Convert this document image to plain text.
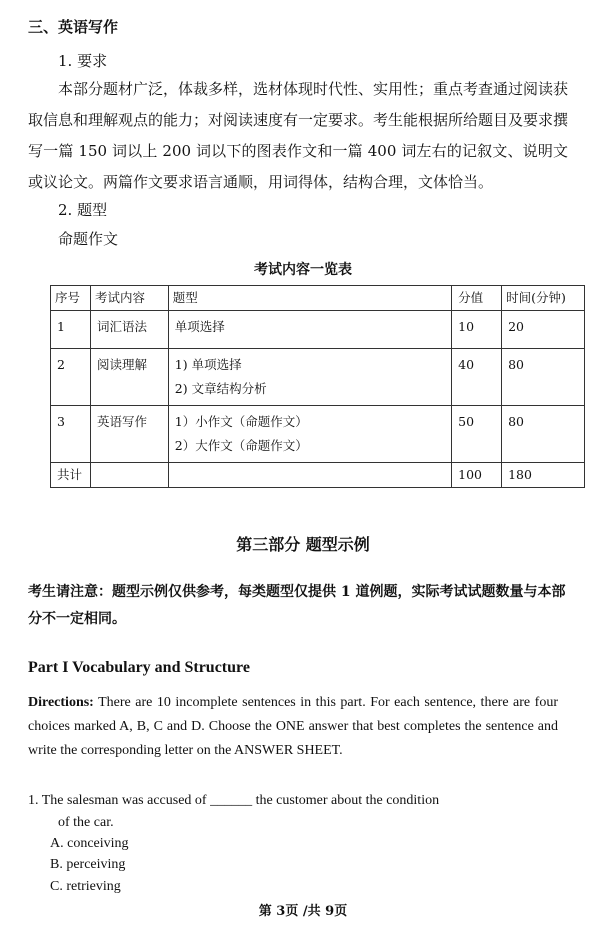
三、英语写作
1. 要求
本部分题材广泛，体裁多样，选材体现时代性、实用性；重点考查通过阅读获取信息和理解观点的能力；对阅读速度有一定要求。考生能根据所给题目及要求撰写一篇 150 词以上 200 词以下的图表作文和一篇 400 词左右的记叙文、说明文或议论文。两篇作文要求语言通顺，用词得体，结构合理，文体恰当。
2. 题型
命题作文
考试内容一览表
序号	考试内容	题型	分值	时间(分钟)
1	词汇语法	单项选择	10	20
2	阅读理解	1) 单项选择
2) 文章结构分析	40	80
3	英语写作	1）小作文（命题作文）
2）大作文（命题作文）	50	80
共计			100	180
第三部分 题型示例
考生请注意：题型示例仅供参考，每类题型仅提供 1 道例题，实际考试试题数量与本部分不一定相同。
Part I Vocabulary and Structure
Directions: There are 10 incomplete sentences in this part. For each sentence, there are four choices marked A, B, C and D. Choose the ONE answer that best completes the sentence and write the corresponding letter on the ANSWER SHEET.
1. The salesman was accused of ______ the customer about the condition
of the car.
A. conceiving
B. perceiving
C. retrieving
第 3页 /共 9页
